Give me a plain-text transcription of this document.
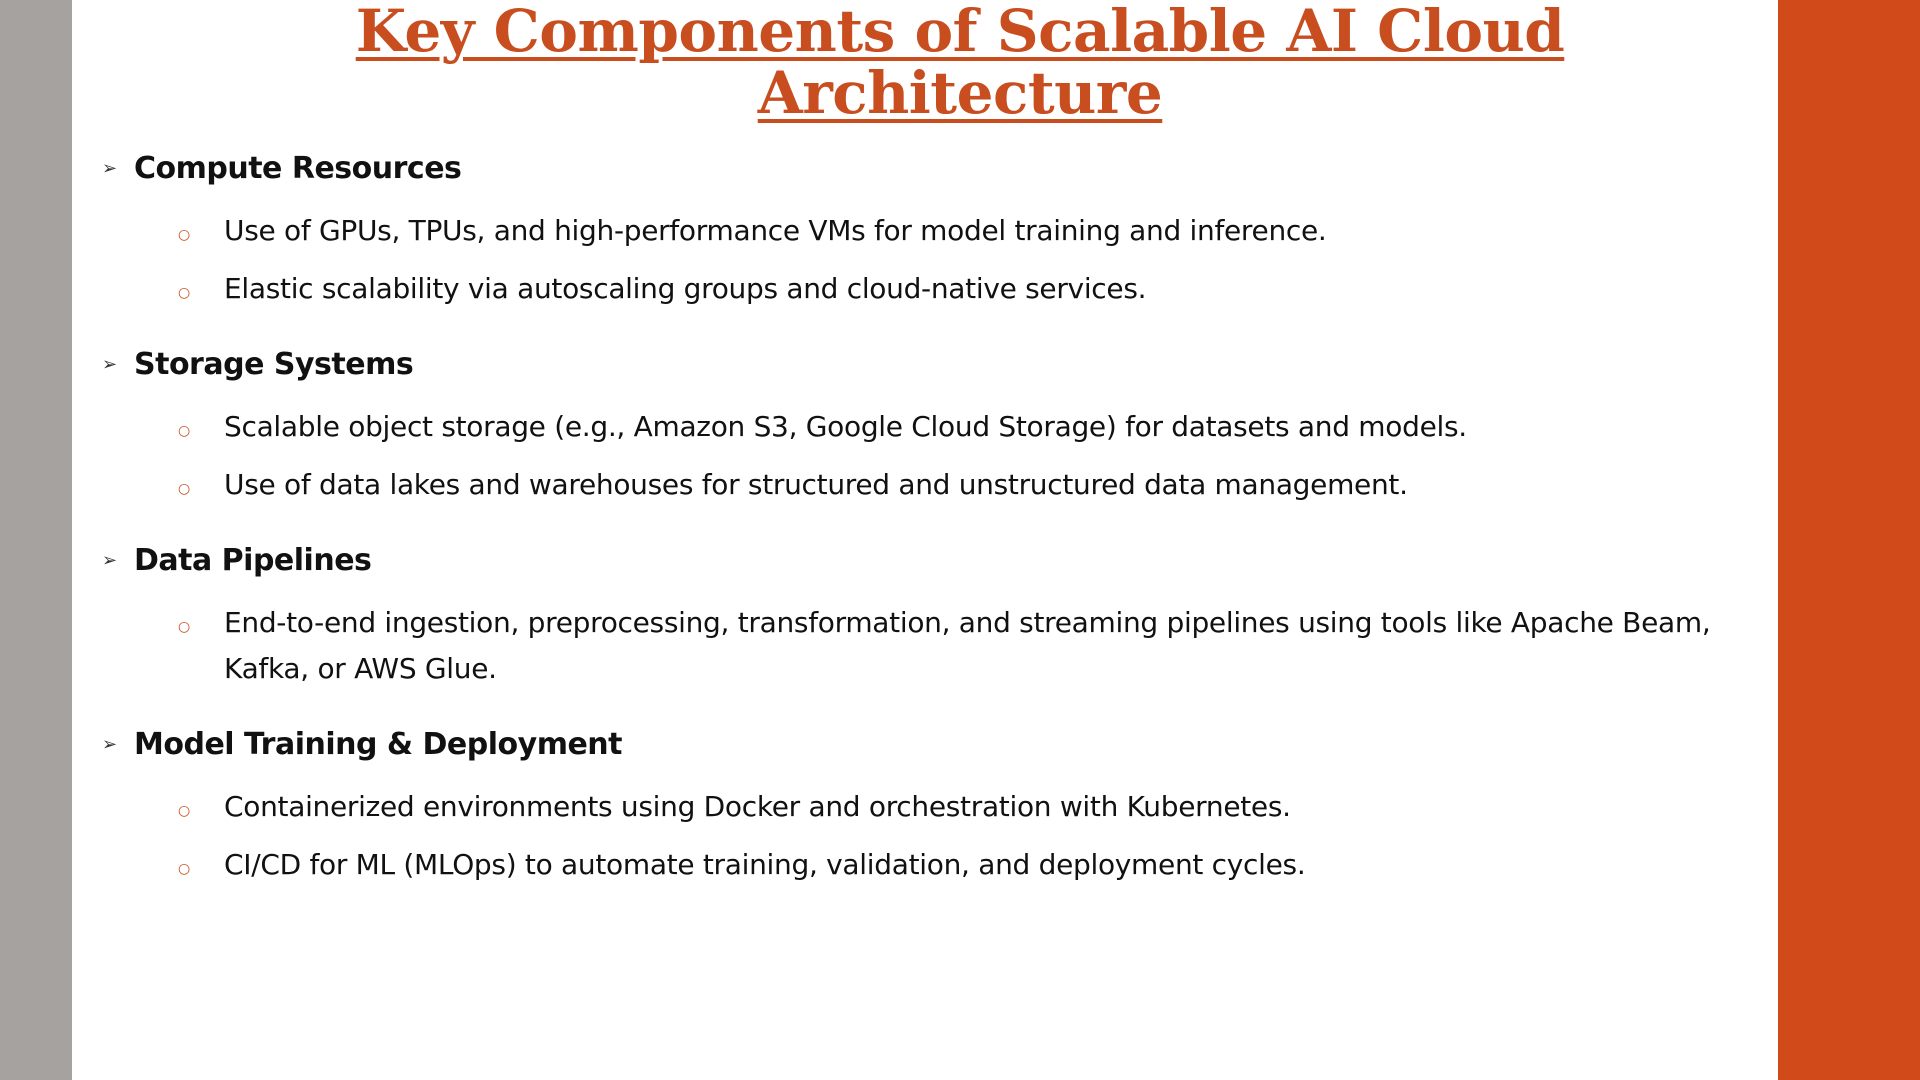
Key Components of Scalable AI Cloud Architecture
➢ Compute Resources
○	Use of GPUs, TPUs, and high-performance VMs for model training and inference.
○	Elastic scalability via autoscaling groups and cloud-native services.
➢ Storage Systems
○	Scalable object storage (e.g., Amazon S3, Google Cloud Storage) for datasets and models.
○	Use of data lakes and warehouses for structured and unstructured data management.
➢ Data Pipelines
○	End-to-end ingestion, preprocessing, transformation, and streaming pipelines using tools like Apache Beam, Kafka, or AWS Glue.
➢ Model Training & Deployment
○	Containerized environments using Docker and orchestration with Kubernetes.
○	CI/CD for ML (MLOps) to automate training, validation, and deployment cycles.
